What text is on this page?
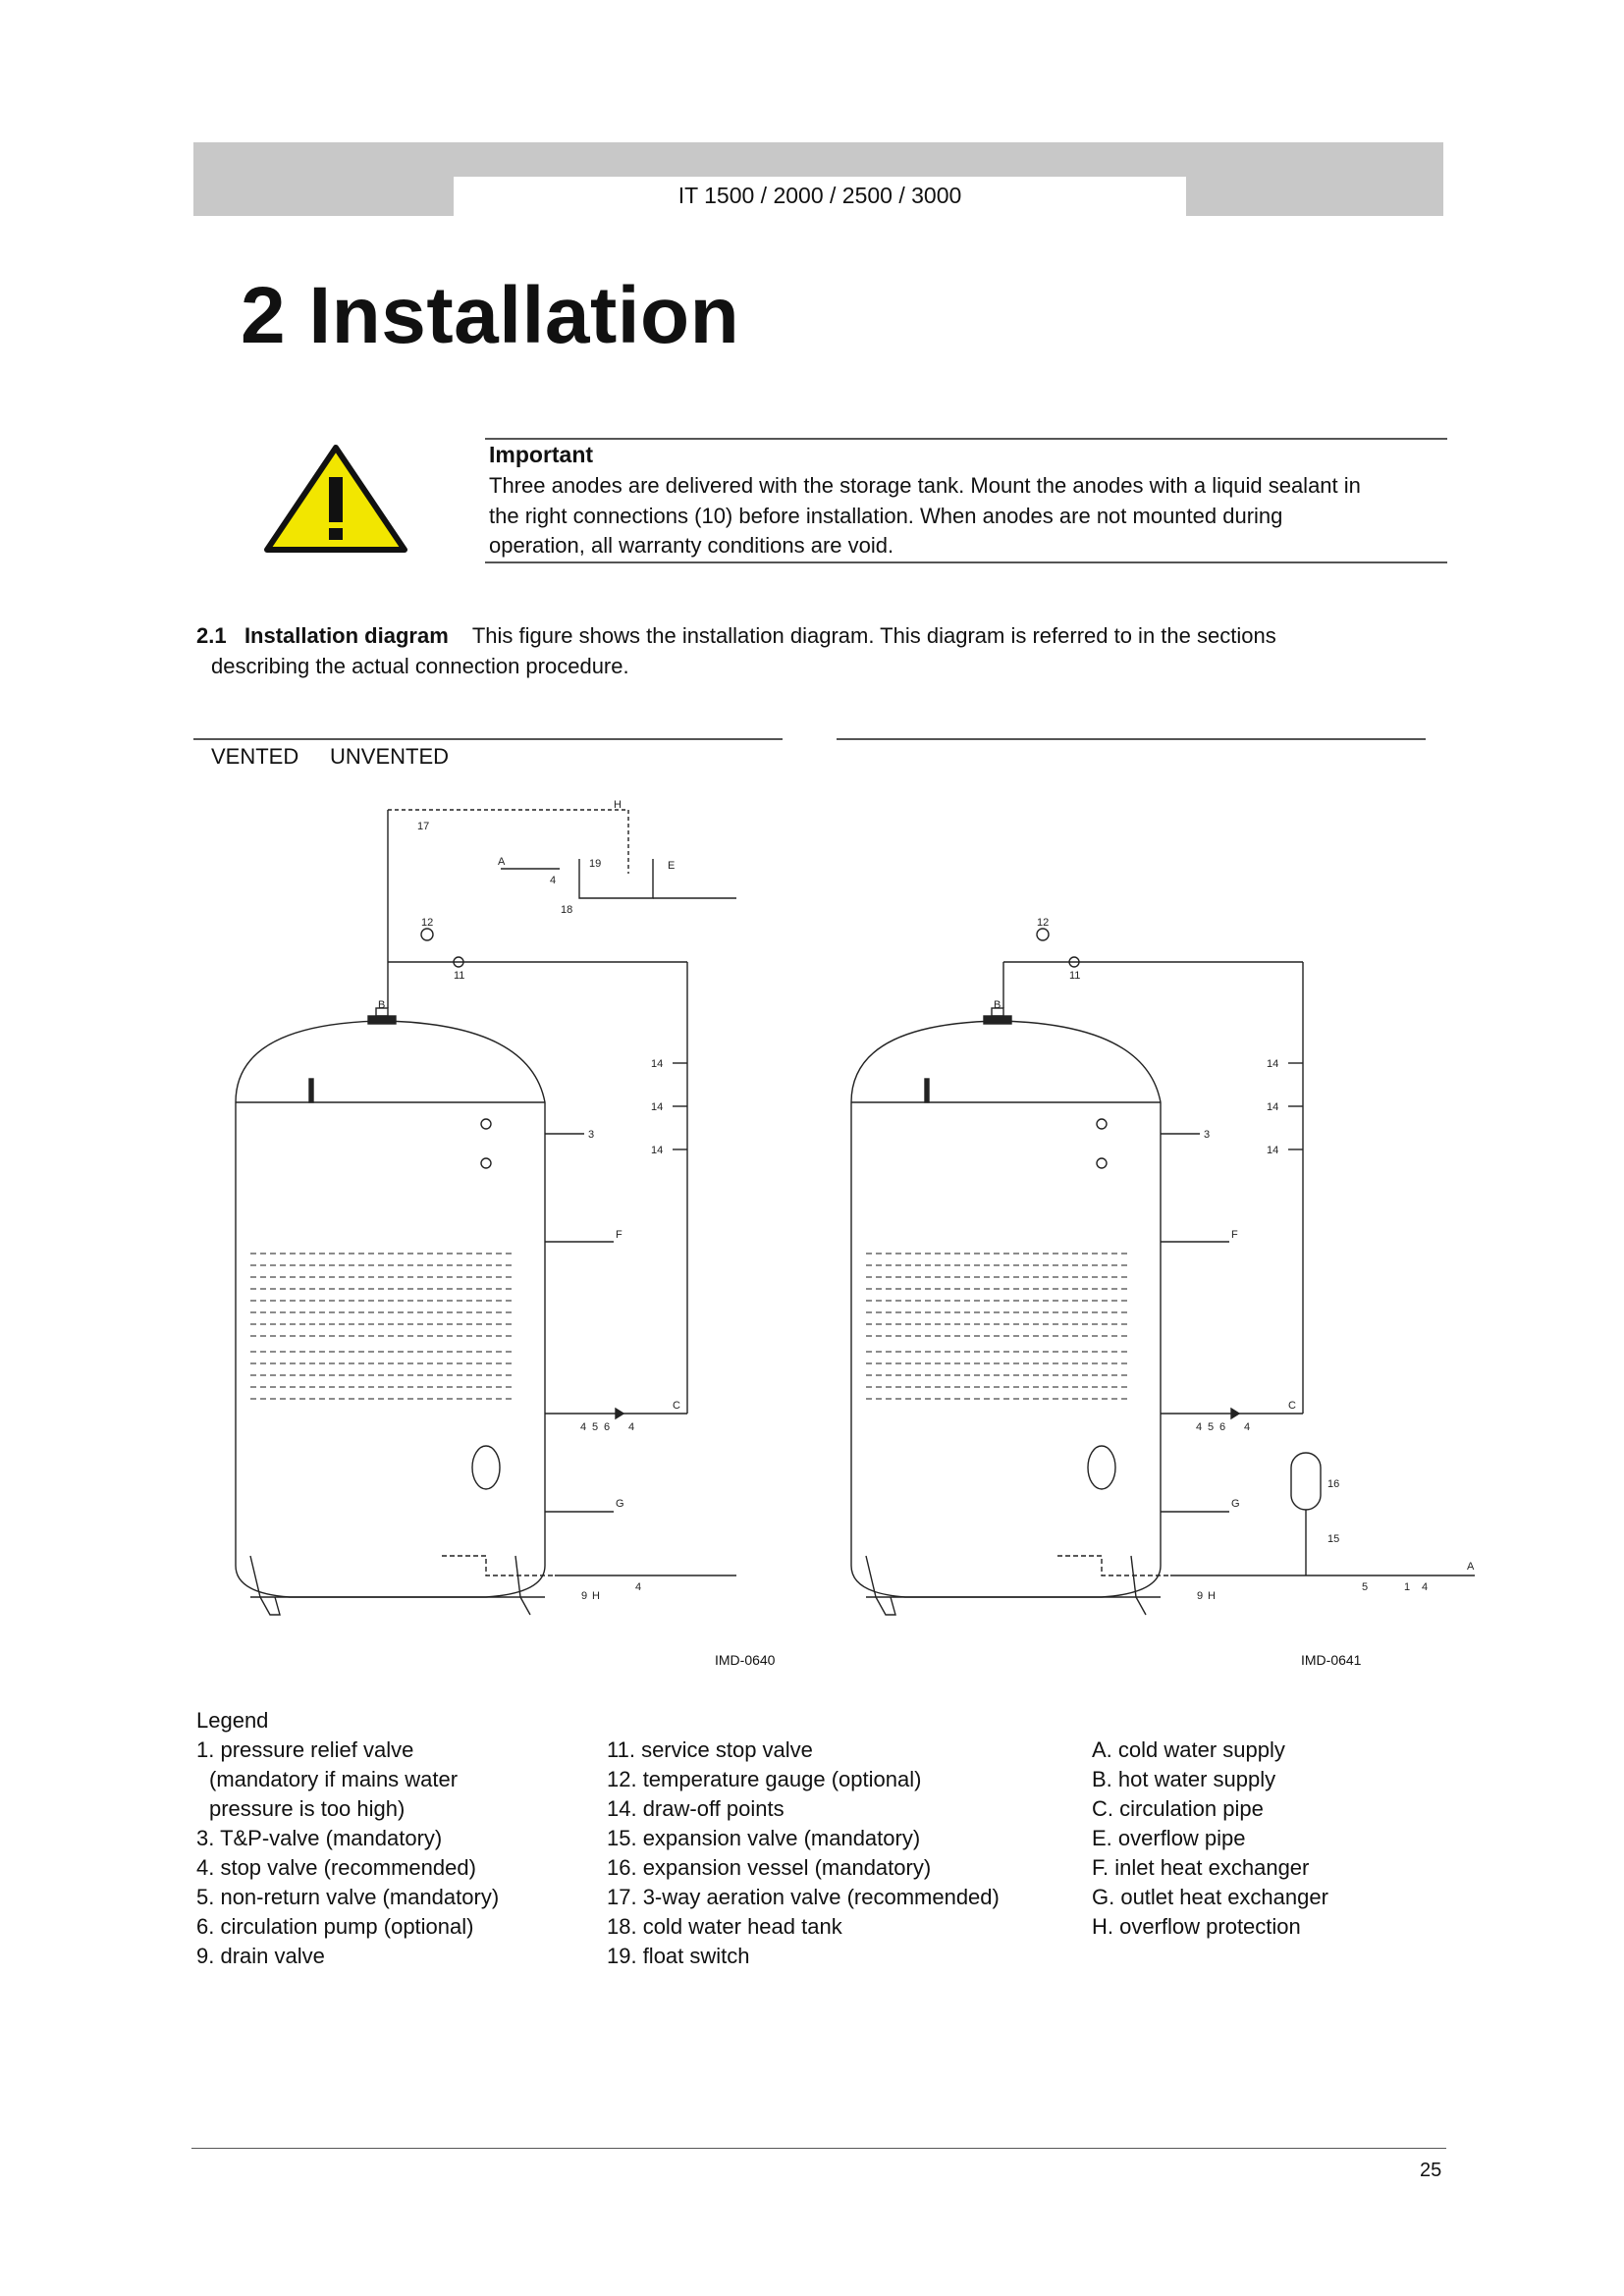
IT 1500 / 2000 / 2500 / 3000
2 Installation
Important
Three anodes are delivered with the storage tank. Mount the anodes with a liquid sealant in
the right connections (10) before installation. When anodes are not mounted during
operation, all warranty conditions are void.
2.1 Installation diagram This figure shows the installation diagram. This diagram is referred to in the sections
describing the actual connection procedure.
VENTED UNVENTED
17
H
A
4
19	E
18
12
11
B
14
14
14
3
F
C
4 5 6 4
G
4
9 H
12
11
B
14
14
14
3
F
C
4 5 6 4
16
15
G
A
5	1 4
9 H
IMD-0640	IMD-0641
Legend
1. pressure relief valve
(mandatory if mains water
pressure is too high)
3. T&P-valve (mandatory)
4. stop valve (recommended)
5. non-return valve (mandatory)
6. circulation pump (optional)
9. drain valve
11. service stop valve
12. temperature gauge (optional)
14. draw-off points
15. expansion valve (mandatory)
16. expansion vessel (mandatory)
17. 3-way aeration valve (recommended)
18. cold water head tank
19. float switch
A. cold water supply
B. hot water supply
C. circulation pipe
E. overflow pipe
F. inlet heat exchanger
G. outlet heat exchanger
H. overflow protection
25
